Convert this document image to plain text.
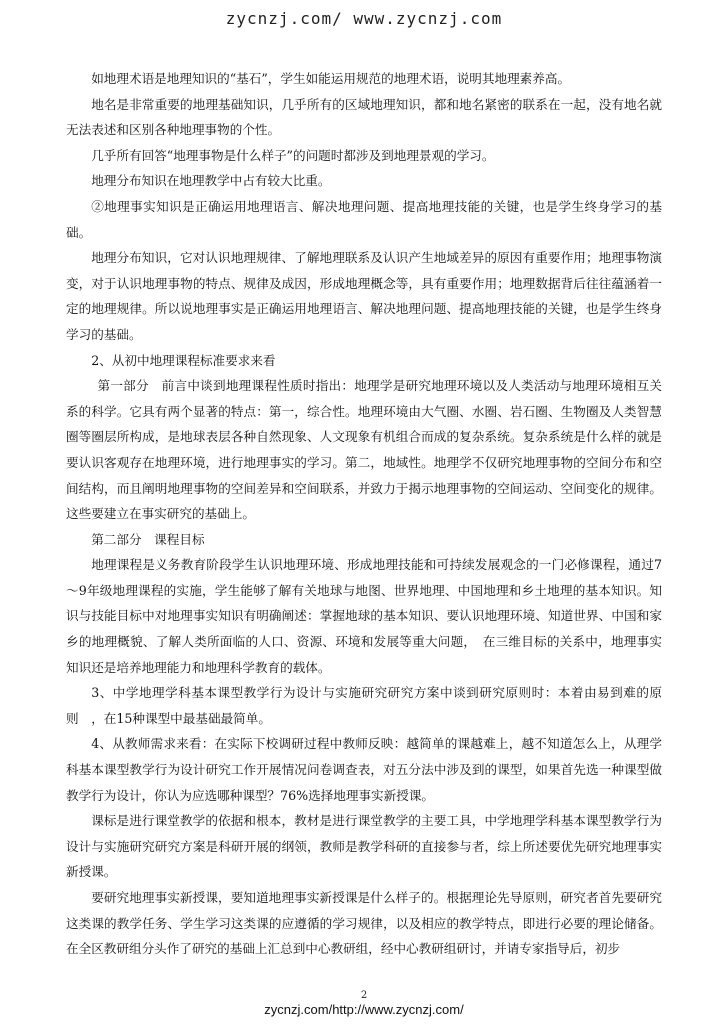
zycnzj.com/ www.zycnzj.com

如地理术语是地理知识的“基石”，学生如能运用规范的地理术语，说明其地理素养高。

地名是非常重要的地理基础知识，几乎所有的区域地理知识，都和地名紧密的联系在一起，没有地名就无法表述和区别各种地理事物的个性。

几乎所有回答“地理事物是什么样子”的问题时都涉及到地理景观的学习。

地理分布知识在地理教学中占有较大比重。

②地理事实知识是正确运用地理语言、解决地理问题、提高地理技能的关键，也是学生终身学习的基础。

地理分布知识，它对认识地理规律、了解地理联系及认识产生地域差异的原因有重要作用；地理事物演变，对于认识地理事物的特点、规律及成因，形成地理概念等，具有重要作用；地理数据背后往往蕴涵着一定的地理规律。所以说地理事实是正确运用地理语言、解决地理问题、提高地理技能的关键，也是学生终身学习的基础。

2、从初中地理课程标准要求来看

第一部分　前言中谈到地理课程性质时指出：地理学是研究地理环境以及人类活动与地理环境相互关系的科学。它具有两个显著的特点：第一，综合性。地理环境由大气圈、水圈、岩石圈、生物圈及人类智慧圈等圈层所构成，是地球表层各种自然现象、人文现象有机组合而成的复杂系统。复杂系统是什么样的就是要认识客观存在地理环境，进行地理事实的学习。第二，地域性。地理学不仅研究地理事物的空间分布和空间结构，而且阐明地理事物的空间差异和空间联系，并致力于揭示地理事物的空间运动、空间变化的规律。这些要建立在事实研究的基础上。

第二部分　课程目标

地理课程是义务教育阶段学生认识地理环境、形成地理技能和可持续发展观念的一门必修课程，通过7～9年级地理课程的实施，学生能够了解有关地球与地图、世界地理、中国地理和乡土地理的基本知识。知识与技能目标中对地理事实知识有明确阐述：掌握地球的基本知识、要认识地理环境、知道世界、中国和家乡的地理概貌、了解人类所面临的人口、资源、环境和发展等重大问题，　在三维目标的关系中，地理事实知识还是培养地理能力和地理科学教育的载体。

3、中学地理学科基本课型教学行为设计与实施研究研究方案中谈到研究原则时：本着由易到难的原则　，在15种课型中最基础最简单。

4、从教师需求来看：在实际下校调研过程中教师反映：越简单的课越难上，越不知道怎么上，从理学科基本课型教学行为设计研究工作开展情况问卷调查表，对五分法中涉及到的课型，如果首先选一种课型做教学行为设计，你认为应选哪种课型？76%选择地理事实新授课。

课标是进行课堂教学的依据和根本，教材是进行课堂教学的主要工具，中学地理学科基本课型教学行为设计与实施研究研究方案是科研开展的纲领，教师是教学科研的直接参与者，综上所述要优先研究地理事实新授课。

要研究地理事实新授课，要知道地理事实新授课是什么样子的。根据理论先导原则，研究者首先要研究这类课的教学任务、学生学习这类课的应遵循的学习规律，以及相应的教学特点，即进行必要的理论储备。在全区教研组分头作了研究的基础上汇总到中心教研组，经中心教研组研讨，并请专家指导后，初步

2
zycnzj.com/http://www.zycnzj.com/
